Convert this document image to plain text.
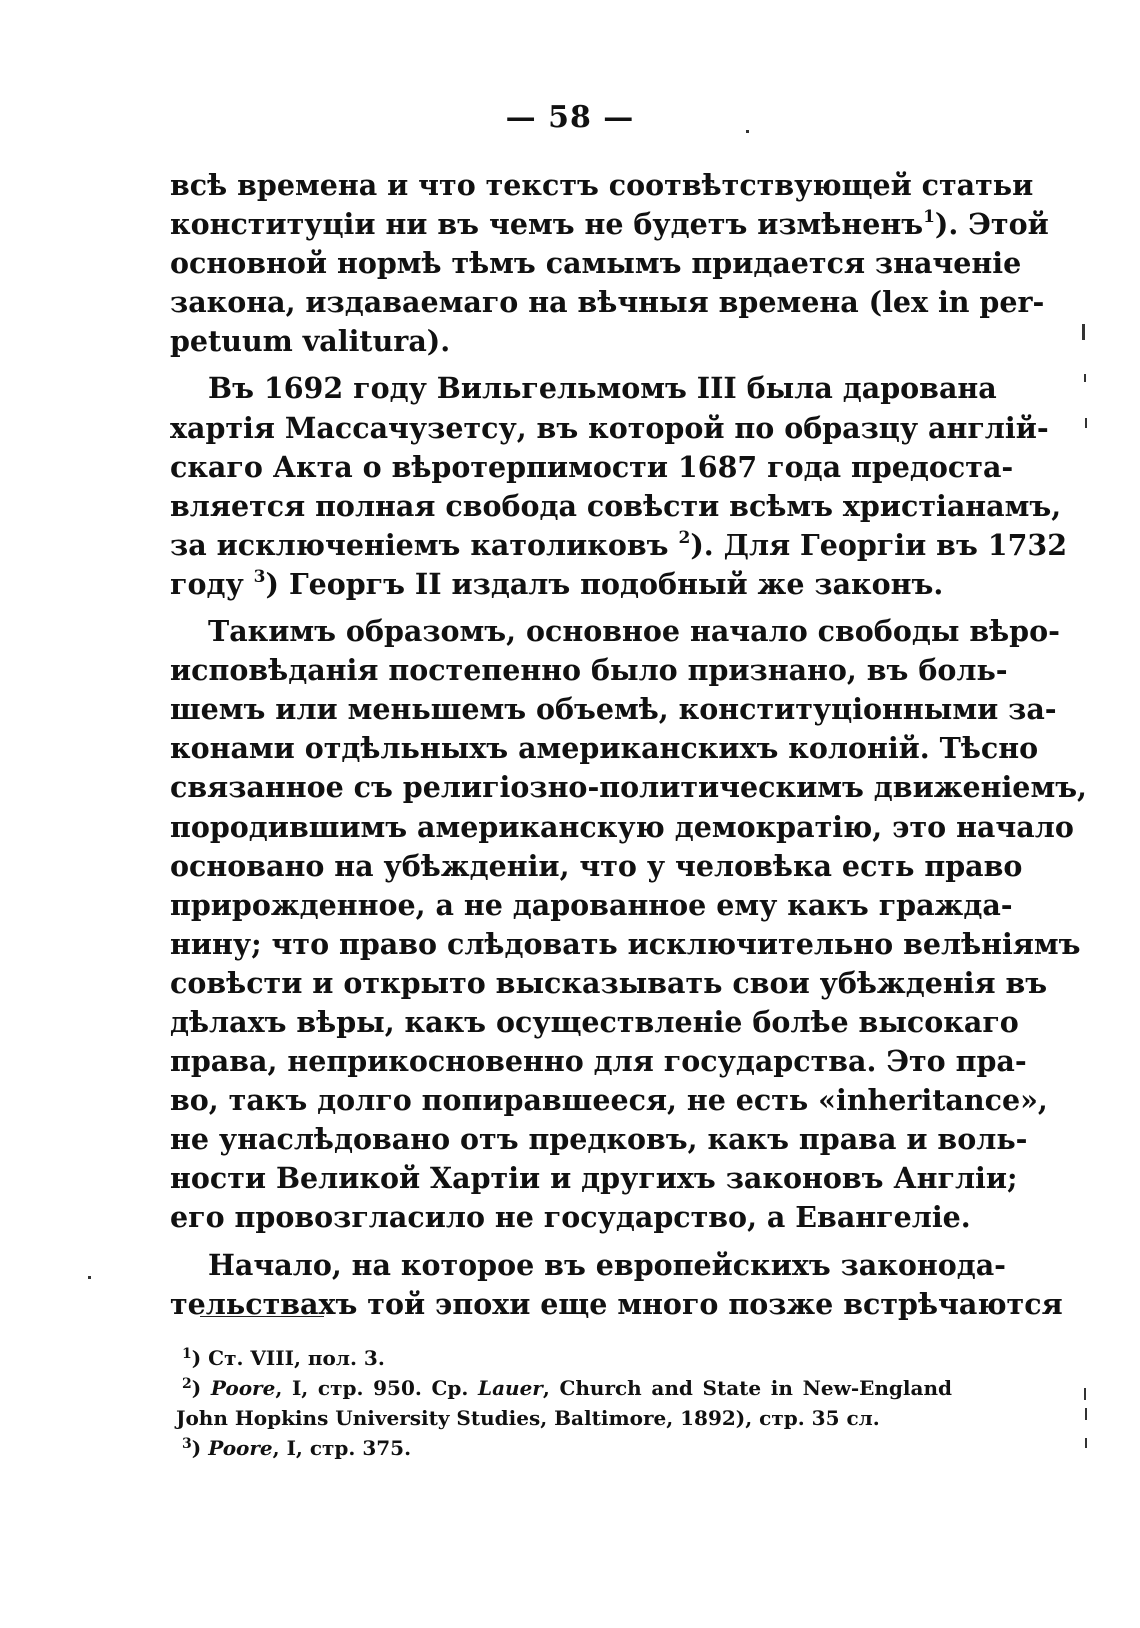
— 58 —
всѣ времена и что текстъ соотвѣтствующей статьи
конституціи ни въ чемъ не будетъ измѣненъ$^1$). Этой
основной нормѣ тѣмъ самымъ придается значеніе
закона, издаваемаго на вѣчныя времена (lex in per-
petuum valitura).
Въ 1692 году Вильгельмомъ III была дарована
хартія Массачузетсу, въ которой по образцу англій-
скаго Акта о вѣротерпимости 1687 года предоста-
вляется полная свобода совѣсти всѣмъ христіанамъ,
за исключеніемъ католиковъ $^2$). Для Георгіи въ 1732
году $^3$) Георгъ II издалъ подобный же законъ.
Такимъ образомъ, основное начало свободы вѣро-
исповѣданія постепенно было признано, въ боль-
шемъ или меньшемъ объемѣ, конституціонными за-
конами отдѣльныхъ американскихъ колоній. Тѣсно
связанное съ религіозно-политическимъ движеніемъ,
породившимъ американскую демократію, это начало
основано на убѣжденіи, что у человѣка есть право
прирожденное, а не дарованное ему какъ гражда-
нину; что право слѣдовать исключительно велѣніямъ
совѣсти и открыто высказывать свои убѣжденія въ
дѣлахъ вѣры, какъ осуществленіе болѣе высокаго
права, неприкосновенно для государства. Это пра-
во, такъ долго попиравшееся, не есть «inheritance»,
не унаслѣдовано отъ предковъ, какъ права и воль-
ности Великой Хартіи и другихъ законовъ Англіи;
его провозгласило не государство, а Евангеліе.
Начало, на которое въ европейскихъ законода-
тельствахъ той эпохи еще много позже встрѣчаются
$^1$) Ст. VIII, пол. 3.
$^2$) Poore, I, стр. 950. Ср. Lauer, Church and State in New-England
John Hopkins University Studies, Baltimore, 1892), стр. 35 сл.
$^3$) Poore, I, стр. 375.
